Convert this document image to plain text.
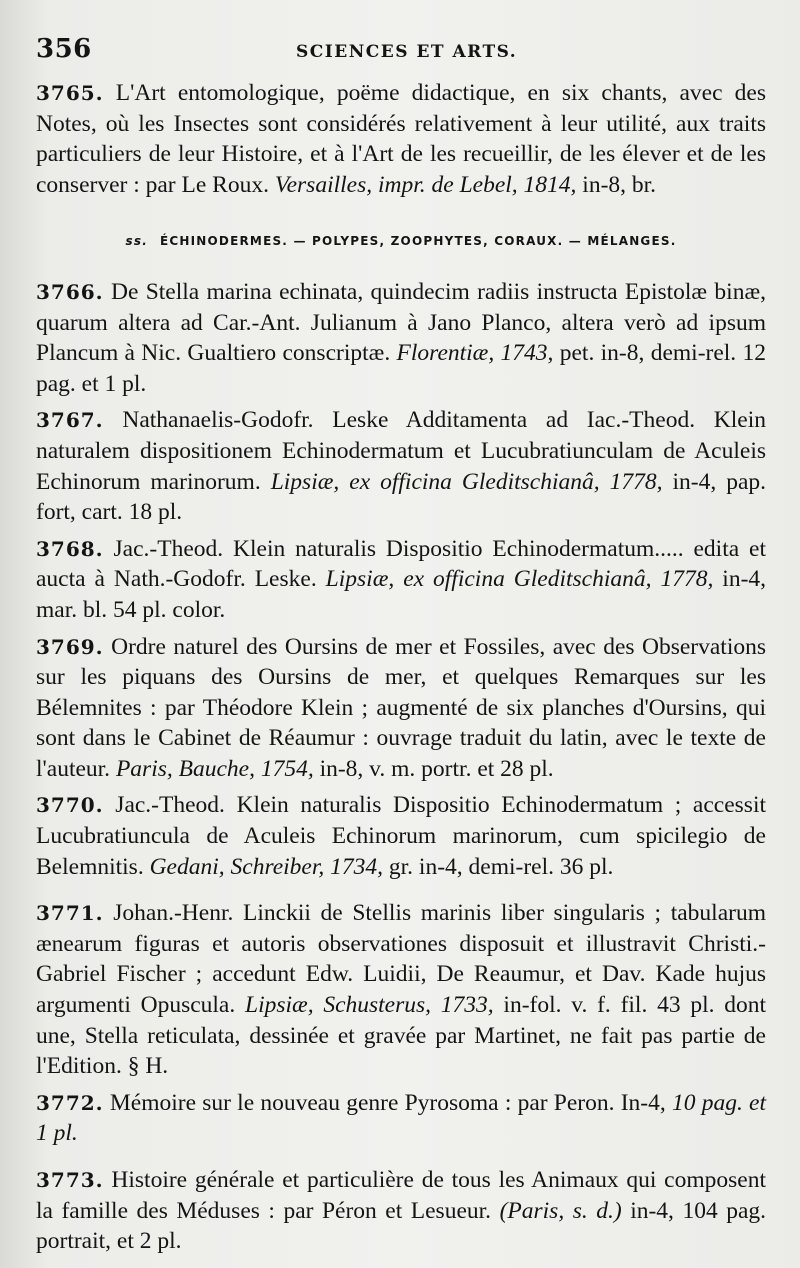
356	SCIENCES ET ARTS.

3765. L'Art entomologique, poëme didactique, en six chants, avec des Notes, où les Insectes sont considérés relativement à leur utilité, aux traits particuliers de leur Histoire, et à l'Art de les recueillir, de les élever et de les conserver : par Le Roux. Versailles, impr. de Lebel, 1814, in-8, br.

ss. ÉCHINODERMES. — POLYPES, ZOOPHYTES, CORAUX. — MÉLANGES.

3766. De Stella marina echinata, quindecim radiis instructa Epistolæ binæ, quarum altera ad Car.-Ant. Julianum à Jano Planco, altera verò ad ipsum Plancum à Nic. Gualtiero conscriptæ. Florentiæ, 1743, pet. in-8, demi-rel. 12 pag. et 1 pl.

3767. Nathanaelis-Godofr. Leske Additamenta ad Iac.-Theod. Klein naturalem dispositionem Echinodermatum et Lucubratiunculam de Aculeis Echinorum marinorum. Lipsiæ, ex officina Gleditschianâ, 1778, in-4, pap. fort, cart. 18 pl.

3768. Jac.-Theod. Klein naturalis Dispositio Echinodermatum..... edita et aucta à Nath.-Godofr. Leske. Lipsiæ, ex officina Gleditschianâ, 1778, in-4, mar. bl. 54 pl. color.

3769. Ordre naturel des Oursins de mer et Fossiles, avec des Observations sur les piquans des Oursins de mer, et quelques Remarques sur les Bélemnites : par Théodore Klein ; augmenté de six planches d'Oursins, qui sont dans le Cabinet de Réaumur : ouvrage traduit du latin, avec le texte de l'auteur. Paris, Bauche, 1754, in-8, v. m. portr. et 28 pl.

3770. Jac.-Theod. Klein naturalis Dispositio Echinodermatum ; accessit Lucubratiuncula de Aculeis Echinorum marinorum, cum spicilegio de Belemnitis. Gedani, Schreiber, 1734, gr. in-4, demi-rel. 36 pl.

3771. Johan.-Henr. Linckii de Stellis marinis liber singularis ; tabularum ænearum figuras et autoris observationes disposuit et illustravit Christi.-Gabriel Fischer ; accedunt Edw. Luidii, De Reaumur, et Dav. Kade hujus argumenti Opuscula. Lipsiæ, Schusterus, 1733, in-fol. v. f. fil. 43 pl. dont une, Stella reticulata, dessinée et gravée par Martinet, ne fait pas partie de l'Edition. § H.

3772. Mémoire sur le nouveau genre Pyrosoma : par Peron. In-4, 10 pag. et 1 pl.

3773. Histoire générale et particulière de tous les Animaux qui composent la famille des Méduses : par Péron et Lesueur. (Paris, s. d.) in-4, 104 pag. portrait, et 2 pl.
